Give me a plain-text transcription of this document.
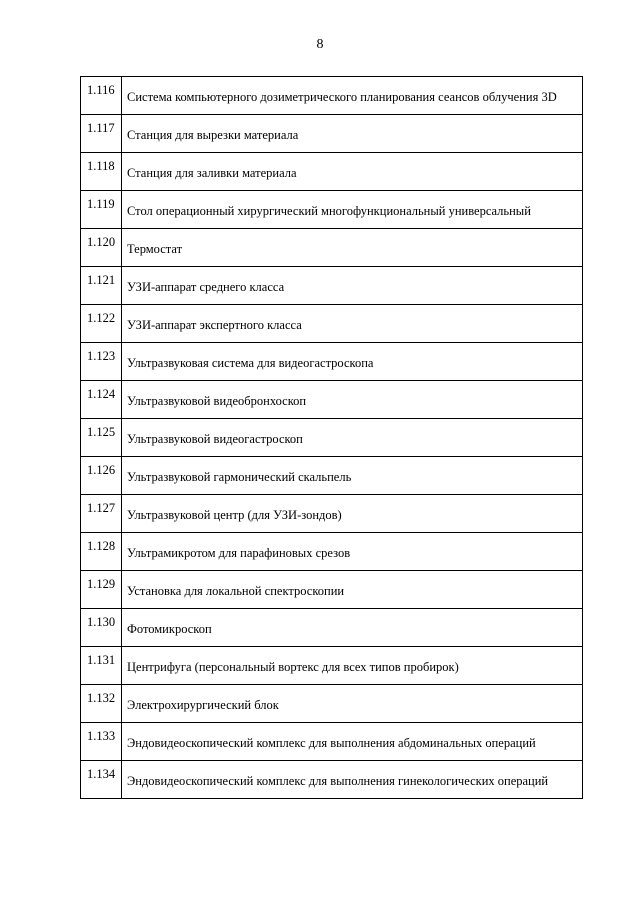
8
1.116	Система компьютерного дозиметрического планирования сеансов облучения 3D
1.117	Станция для вырезки материала
1.118	Станция для заливки материала
1.119	Стол операционный хирургический многофункциональный универсальный
1.120	Термостат
1.121	УЗИ-аппарат среднего класса
1.122	УЗИ-аппарат экспертного класса
1.123	Ультразвуковая система для видеогастроскопа
1.124	Ультразвуковой видеобронхоскоп
1.125	Ультразвуковой видеогастроскоп
1.126	Ультразвуковой гармонический скальпель
1.127	Ультразвуковой центр (для УЗИ-зондов)
1.128	Ультрамикротом для парафиновых срезов
1.129	Установка для локальной спектроскопии
1.130	Фотомикроскоп
1.131	Центрифуга (персональный вортекс для всех типов пробирок)
1.132	Электрохирургический блок
1.133	Эндовидеоскопический комплекс для выполнения абдоминальных операций
1.134	Эндовидеоскопический комплекс для выполнения гинекологических операций
